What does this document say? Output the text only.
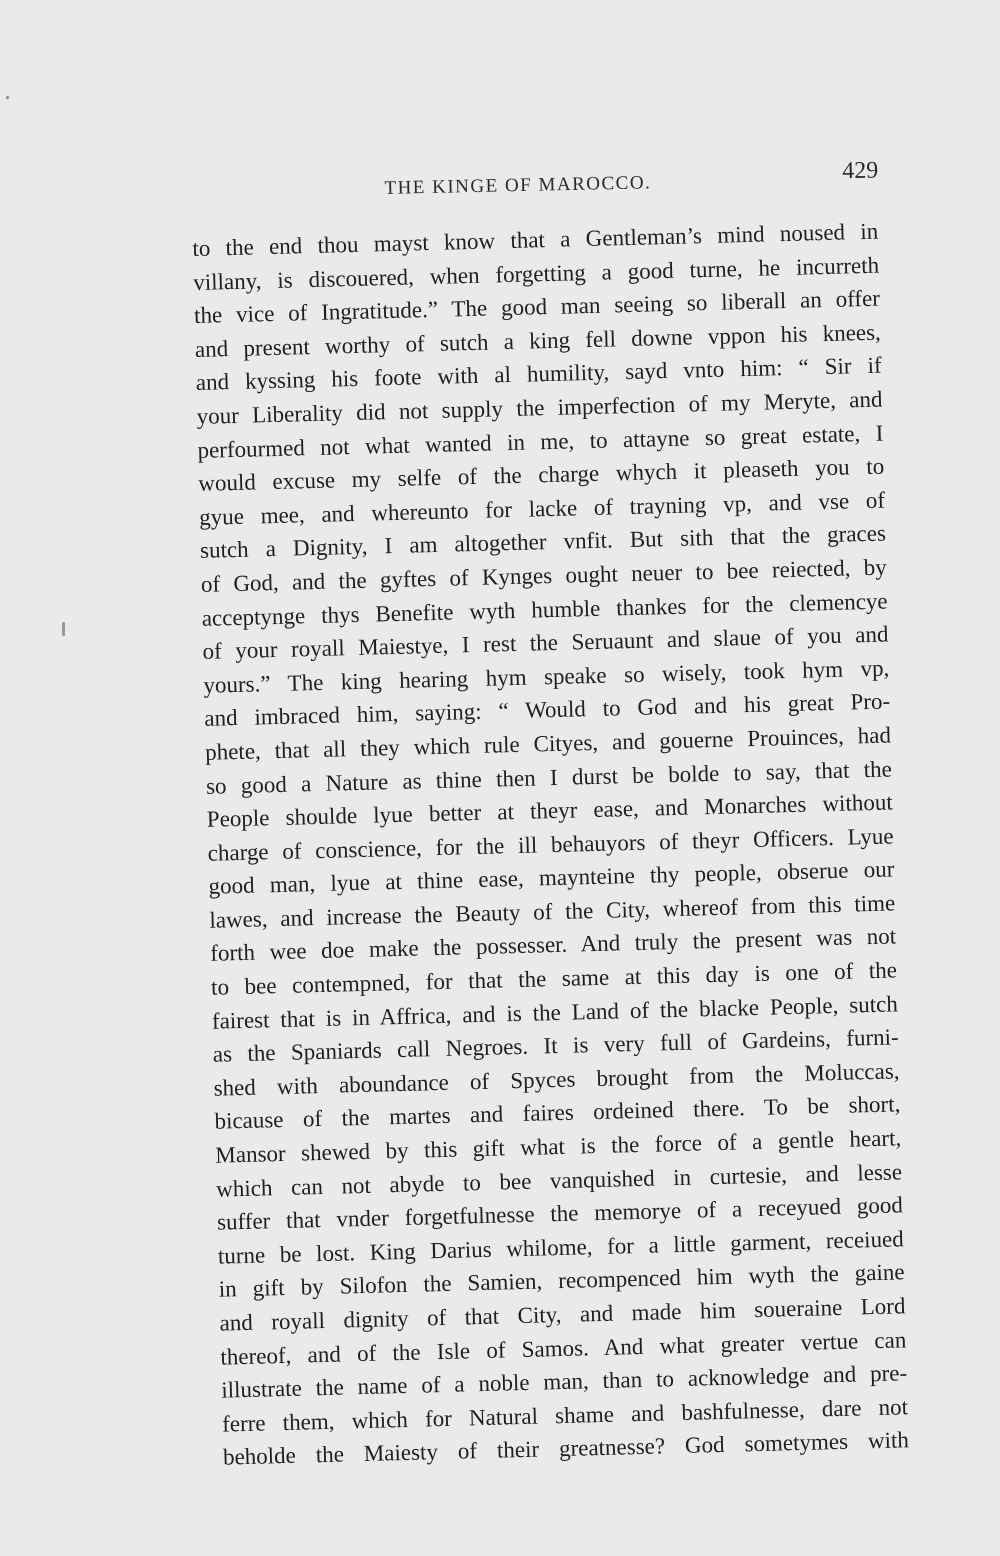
THE KINGE OF MAROCCO.
429
to the end thou mayst know that a Gentleman’s mind noused in
villany, is discouered, when forgetting a good turne, he incurreth
the vice of Ingratitude.” The good man seeing so liberall an offer
and present worthy of sutch a king fell downe vppon his knees,
and kyssing his foote with al humility, sayd vnto him: “ Sir if
your Liberality did not supply the imperfection of my Meryte, and
perfourmed not what wanted in me, to attayne so great estate, I
would excuse my selfe of the charge whych it pleaseth you to
gyue mee, and whereunto for lacke of trayning vp, and vse of
sutch a Dignity, I am altogether vnfit. But sith that the graces
of God, and the gyftes of Kynges ought neuer to bee reiected, by
acceptynge thys Benefite wyth humble thankes for the clemencye
of your royall Maiestye, I rest the Seruaunt and slaue of you and
yours.” The king hearing hym speake so wisely, took hym vp,
and imbraced him, saying: “ Would to God and his great Pro-
phete, that all they which rule Cityes, and gouerne Prouinces, had
so good a Nature as thine then I durst be bolde to say, that the
People shoulde lyue better at theyr ease, and Monarches without
charge of conscience, for the ill behauyors of theyr Officers. Lyue
good man, lyue at thine ease, maynteine thy people, obserue our
lawes, and increase the Beauty of the City, whereof from this time
forth wee doe make the possesser. And truly the present was not
to bee contempned, for that the same at this day is one of the
fairest that is in Affrica, and is the Land of the blacke People, sutch
as the Spaniards call Negroes. It is very full of Gardeins, furni-
shed with aboundance of Spyces brought from the Moluccas,
bicause of the martes and faires ordeined there. To be short,
Mansor shewed by this gift what is the force of a gentle heart,
which can not abyde to bee vanquished in curtesie, and lesse
suffer that vnder forgetfulnesse the memorye of a receyued good
turne be lost. King Darius whilome, for a little garment, receiued
in gift by Silofon the Samien, recompenced him wyth the gaine
and royall dignity of that City, and made him soueraine Lord
thereof, and of the Isle of Samos. And what greater vertue can
illustrate the name of a noble man, than to acknowledge and pre-
ferre them, which for Natural shame and bashfulnesse, dare not
beholde the Maiesty of their greatnesse? God sometymes with
